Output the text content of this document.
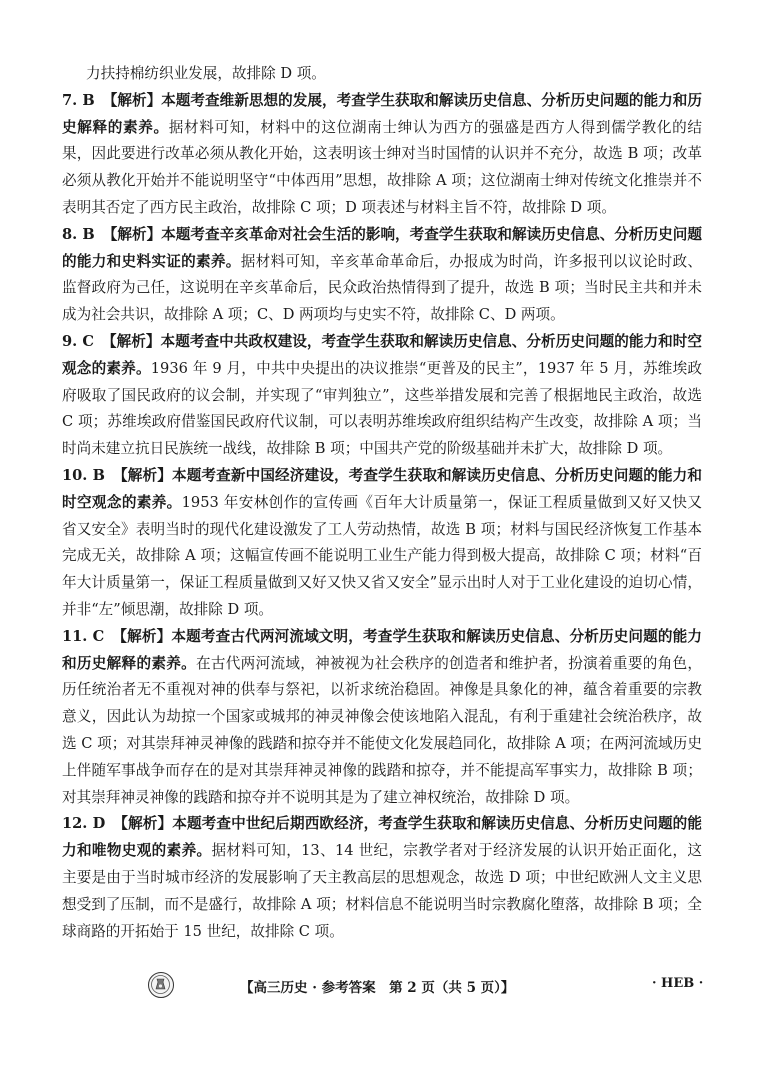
力扶持棉纺织业发展，故排除 D 项。
7. B 【解析】本题考查维新思想的发展，考查学生获取和解读历史信息、分析历史问题的能力和历史解释的素养。据材料可知，材料中的这位湖南士绅认为西方的强盛是西方人得到儒学教化的结果，因此要进行改革必须从教化开始，这表明该士绅对当时国情的认识并不充分，故选 B 项；改革必须从教化开始并不能说明坚守“中体西用”思想，故排除 A 项；这位湖南士绅对传统文化推崇并不表明其否定了西方民主政治，故排除 C 项；D 项表述与材料主旨不符，故排除 D 项。
8. B 【解析】本题考查辛亥革命对社会生活的影响，考查学生获取和解读历史信息、分析历史问题的能力和史料实证的素养。据材料可知，辛亥革命革命后，办报成为时尚，许多报刊以议论时政、监督政府为己任，这说明在辛亥革命后，民众政治热情得到了提升，故选 B 项；当时民主共和并未成为社会共识，故排除 A 项；C、D 两项均与史实不符，故排除 C、D 两项。
9. C 【解析】本题考查中共政权建设，考查学生获取和解读历史信息、分析历史问题的能力和时空观念的素养。1936 年 9 月，中共中央提出的决议推崇“更普及的民主”，1937 年 5 月，苏维埃政府吸取了国民政府的议会制，并实现了“审判独立”，这些举措发展和完善了根据地民主政治，故选 C 项；苏维埃政府借鉴国民政府代议制，可以表明苏维埃政府组织结构产生改变，故排除 A 项；当时尚未建立抗日民族统一战线，故排除 B 项；中国共产党的阶级基础并未扩大，故排除 D 项。
10. B 【解析】本题考查新中国经济建设，考查学生获取和解读历史信息、分析历史问题的能力和时空观念的素养。1953 年安林创作的宣传画《百年大计质量第一，保证工程质量做到又好又快又省又安全》表明当时的现代化建设激发了工人劳动热情，故选 B 项；材料与国民经济恢复工作基本完成无关，故排除 A 项；这幅宣传画不能说明工业生产能力得到极大提高，故排除 C 项；材料“百年大计质量第一，保证工程质量做到又好又快又省又安全”显示出时人对于工业化建设的迫切心情，并非“左”倾思潮，故排除 D 项。
11. C 【解析】本题考查古代两河流域文明，考查学生获取和解读历史信息、分析历史问题的能力和历史解释的素养。在古代两河流域，神被视为社会秩序的创造者和维护者，扮演着重要的角色，历任统治者无不重视对神的供奉与祭祀，以祈求统治稳固。神像是具象化的神，蕴含着重要的宗教意义，因此认为劫掠一个国家或城邦的神灵神像会使该地陷入混乱，有利于重建社会统治秩序，故选 C 项；对其崇拜神灵神像的践踏和掠夺并不能使文化发展趋同化，故排除 A 项；在两河流域历史上伴随军事战争而存在的是对其崇拜神灵神像的践踏和掠夺，并不能提高军事实力，故排除 B 项；对其崇拜神灵神像的践踏和掠夺并不说明其是为了建立神权统治，故排除 D 项。
12. D 【解析】本题考查中世纪后期西欧经济，考查学生获取和解读历史信息、分析历史问题的能力和唯物史观的素养。据材料可知，13、14 世纪，宗教学者对于经济发展的认识开始正面化，这主要是由于当时城市经济的发展影响了天主教高层的思想观念，故选 D 项；中世纪欧洲人文主义思想受到了压制，而不是盛行，故排除 A 项；材料信息不能说明当时宗教腐化堕落，故排除 B 项；全球商路的开拓始于 15 世纪，故排除 C 项。
【高三历史 · 参考答案　第 2 页（共 5 页）】	· HEB ·
